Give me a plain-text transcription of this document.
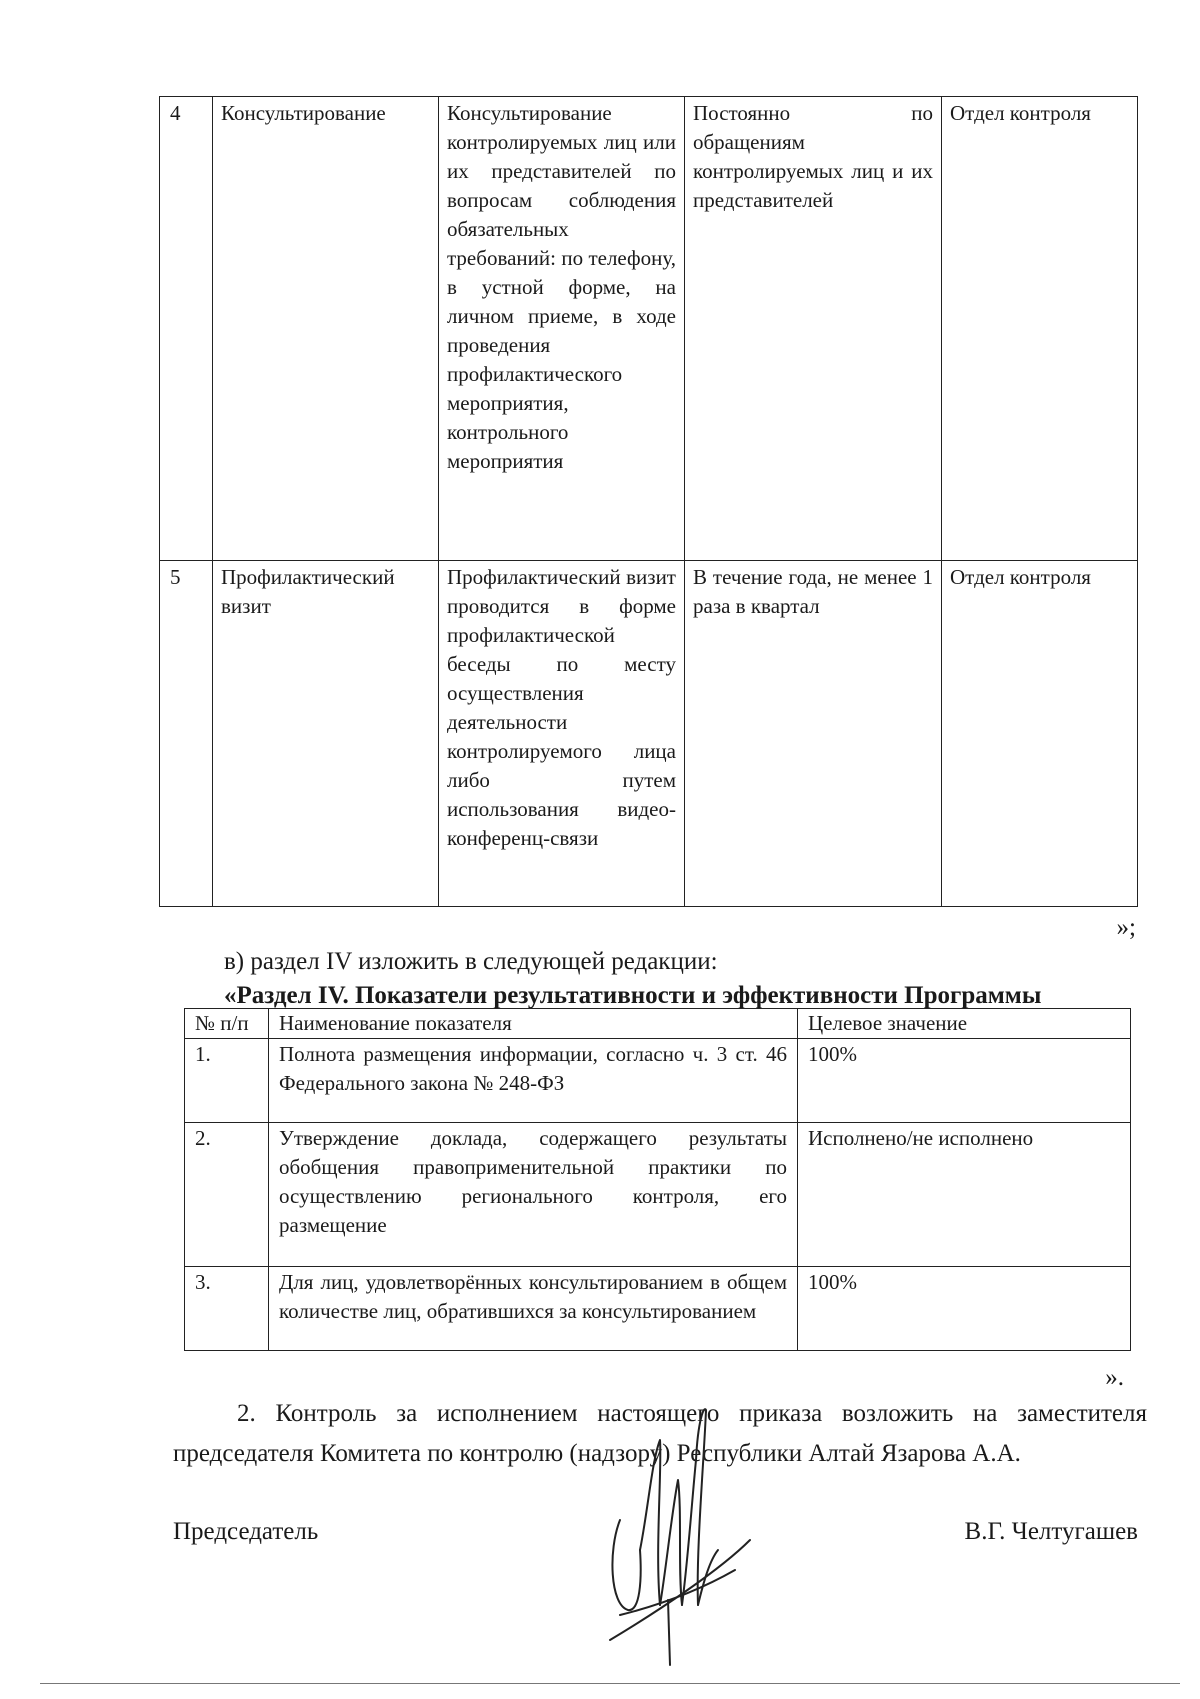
4	Консультирование	Консультирование контролируемых лиц или их представителей по вопросам соблюдения обязательных требований: по телефону, в устной форме, на личном приеме, в ходе проведения профилактического мероприятия, контрольного мероприятия	Постоянно по обращениям контролируемых лиц и их представителей	Отдел контроля
5	Профилактический визит	Профилактический визит проводится в форме профилактической беседы по месту осуществления деятельности контролируемого лица либо путем использования видео-конференц-связи	В течение года, не менее 1 раза в квартал	Отдел контроля
»;
в) раздел IV изложить в следующей редакции:
«Раздел IV. Показатели результативности и эффективности Программы
№ п/п	Наименование показателя	Целевое значение
1.	Полнота размещения информации, согласно ч. 3 ст. 46 Федерального закона № 248-ФЗ	100%
2.	Утверждение доклада, содержащего результаты обобщения правоприменительной практики по осуществлению регионального контроля, его размещение	Исполнено/не исполнено
3.	Для лиц, удовлетворённых консультированием в общем количестве лиц, обратившихся за консультированием	100%
».
2. Контроль за исполнением настоящего приказа возложить на заместителя председателя Комитета по контролю (надзору) Республики Алтай Язарова А.А.
Председатель	В.Г. Челтугашев
